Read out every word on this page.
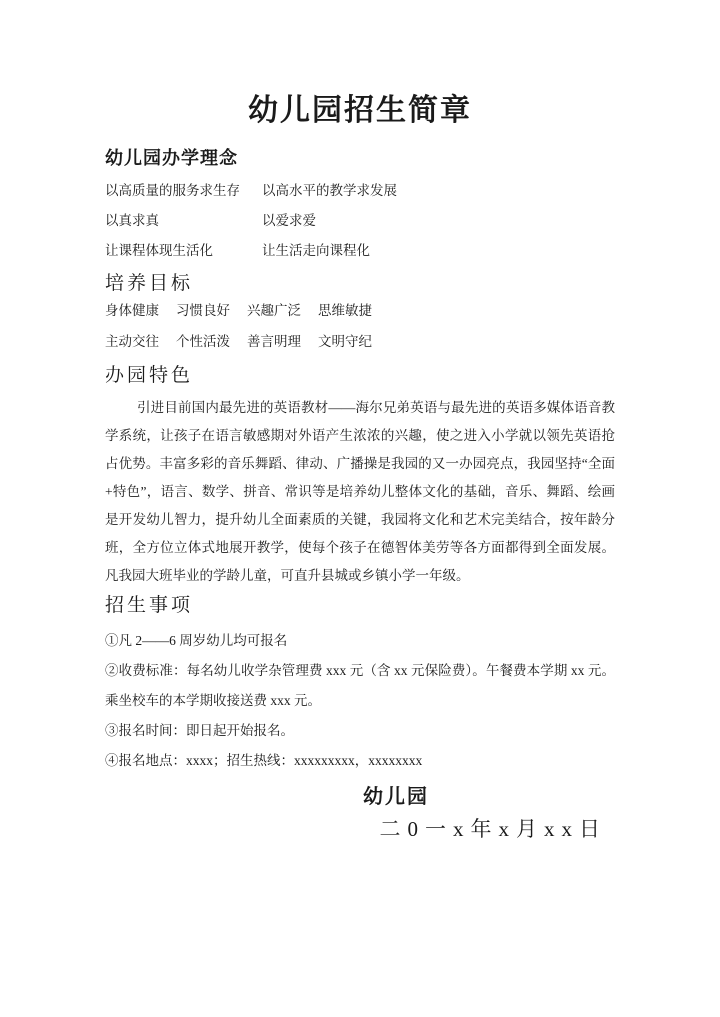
幼儿园招生简章
幼儿园办学理念
以高质量的服务求生存	以高水平的教学求发展
以真求真	以爱求爱
让课程体现生活化	让生活走向课程化
培养目标
身体健康 习惯良好 兴趣广泛 思维敏捷
主动交往 个性活泼 善言明理 文明守纪
办园特色

引进目前国内最先进的英语教材——海尔兄弟英语与最先进的英语多媒体语音教学系统，让孩子在语言敏感期对外语产生浓浓的兴趣，使之进入小学就以领先英语抢占优势。丰富多彩的音乐舞蹈、律动、广播操是我园的又一办园亮点，我园坚持“全面+特色”，语言、数学、拼音、常识等是培养幼儿整体文化的基础，音乐、舞蹈、绘画是开发幼儿智力，提升幼儿全面素质的关键，我园将文化和艺术完美结合，按年龄分班，全方位立体式地展开教学，使每个孩子在德智体美劳等各方面都得到全面发展。凡我园大班毕业的学龄儿童，可直升县城或乡镇小学一年级。

招生事项

①凡 2——6 周岁幼儿均可报名

②收费标准：每名幼儿收学杂管理费 xxx 元（含 xx 元保险费）。午餐费本学期 xx 元。乘坐校车的本学期收接送费 xxx 元。

③报名时间：即日起开始报名。

④报名地点：xxxx；招生热线：xxxxxxxxx，xxxxxxxx

幼儿园
二0一x年x月xx日
